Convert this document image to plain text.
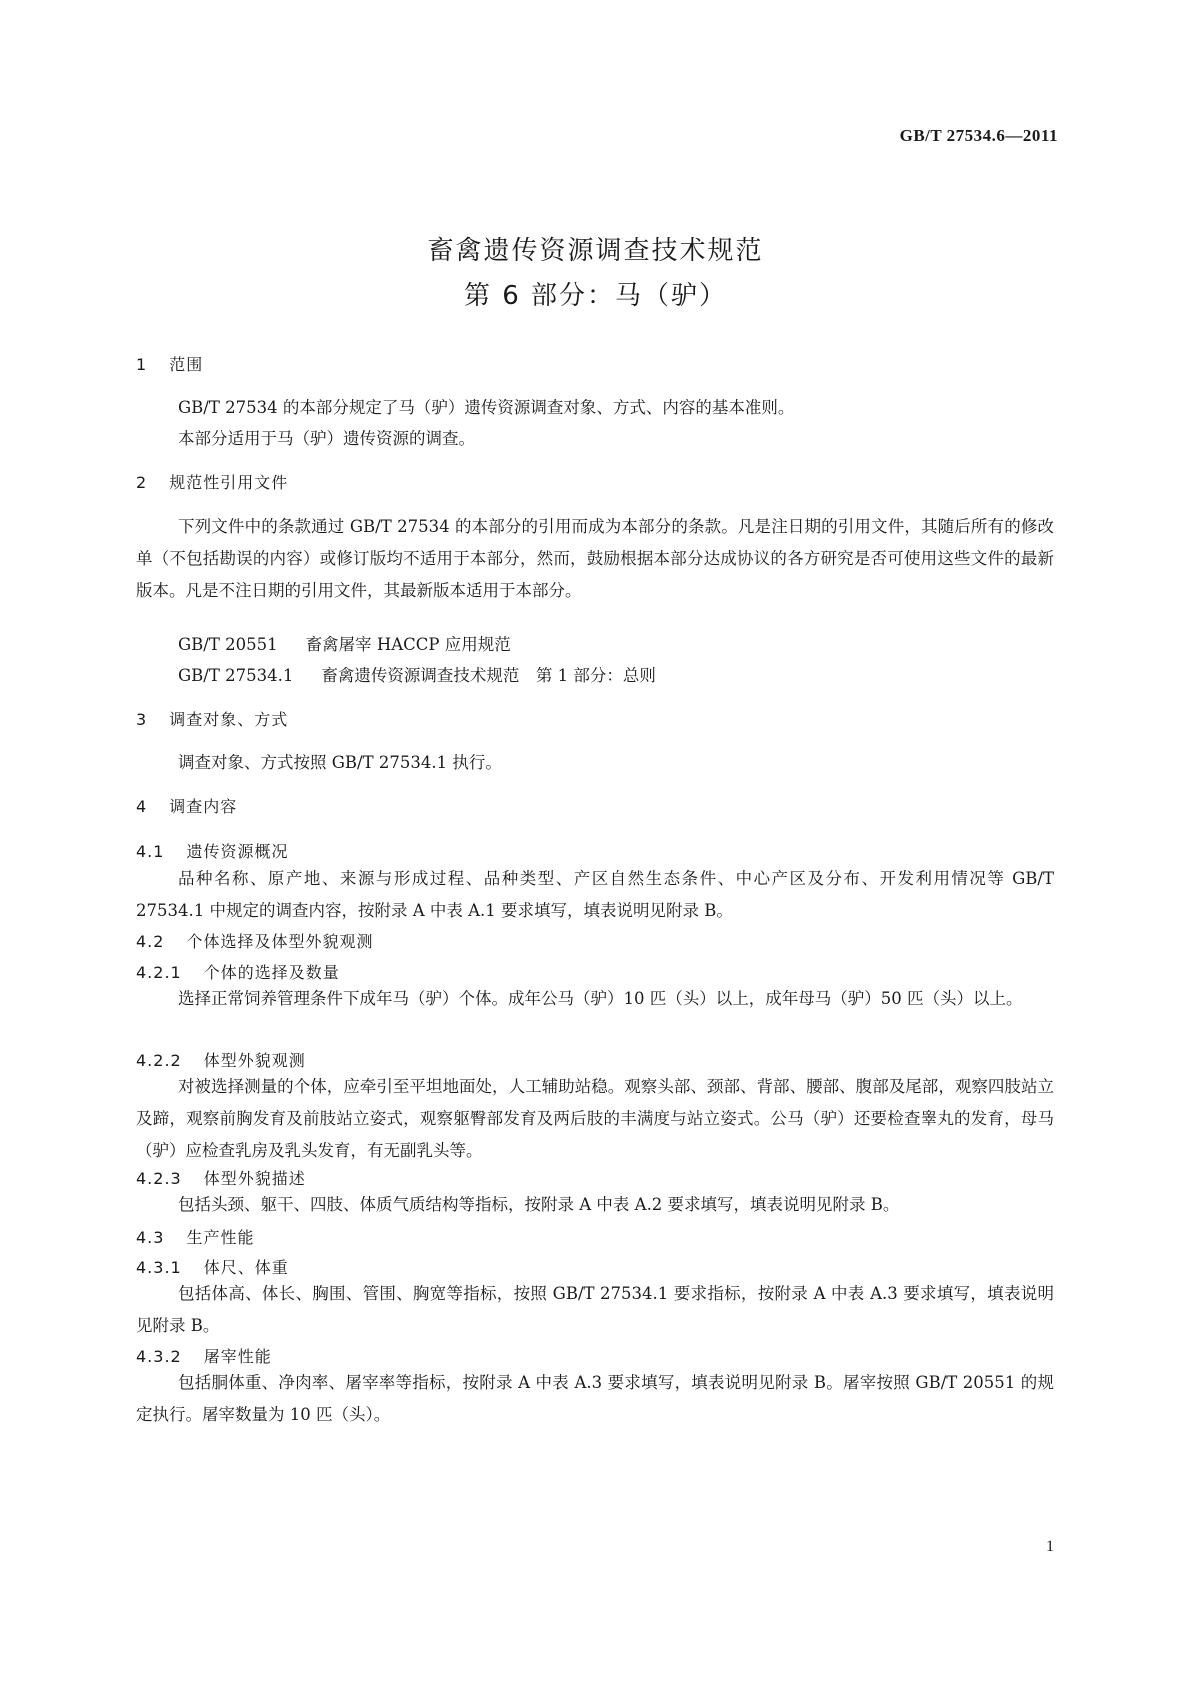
GB/T 27534.6—2011
畜禽遗传资源调查技术规范
第 6 部分：马（驴）
1 范围

GB/T 27534 的本部分规定了马（驴）遗传资源调查对象、方式、内容的基本准则。

本部分适用于马（驴）遗传资源的调查。

2 规范性引用文件

下列文件中的条款通过 GB/T 27534 的本部分的引用而成为本部分的条款。凡是注日期的引用文件，其随后所有的修改单（不包括勘误的内容）或修订版均不适用于本部分，然而，鼓励根据本部分达成协议的各方研究是否可使用这些文件的最新版本。凡是不注日期的引用文件，其最新版本适用于本部分。

GB/T 20551 畜禽屠宰 HACCP 应用规范
GB/T 27534.1 畜禽遗传资源调查技术规范　第 1 部分：总则
3 调查对象、方式

调查对象、方式按照 GB/T 27534.1 执行。

4 调查内容
4.1 遗传资源概况

品种名称、原产地、来源与形成过程、品种类型、产区自然生态条件、中心产区及分布、开发利用情况等 GB/T 27534.1 中规定的调查内容，按附录 A 中表 A.1 要求填写，填表说明见附录 B。

4.2 个体选择及体型外貌观测
4.2.1 个体的选择及数量

选择正常饲养管理条件下成年马（驴）个体。成年公马（驴）10 匹（头）以上，成年母马（驴）50 匹（头）以上。

4.2.2 体型外貌观测

对被选择测量的个体，应牵引至平坦地面处，人工辅助站稳。观察头部、颈部、背部、腰部、腹部及尾部，观察四肢站立及蹄，观察前胸发育及前肢站立姿式，观察躯臀部发育及两后肢的丰满度与站立姿式。公马（驴）还要检查睾丸的发育，母马（驴）应检查乳房及乳头发育，有无副乳头等。

4.2.3 体型外貌描述

包括头颈、躯干、四肢、体质气质结构等指标，按附录 A 中表 A.2 要求填写，填表说明见附录 B。

4.3 生产性能
4.3.1 体尺、体重

包括体高、体长、胸围、管围、胸宽等指标，按照 GB/T 27534.1 要求指标，按附录 A 中表 A.3 要求填写，填表说明见附录 B。

4.3.2 屠宰性能

包括胴体重、净肉率、屠宰率等指标，按附录 A 中表 A.3 要求填写，填表说明见附录 B。屠宰按照 GB/T 20551 的规定执行。屠宰数量为 10 匹（头）。

1
